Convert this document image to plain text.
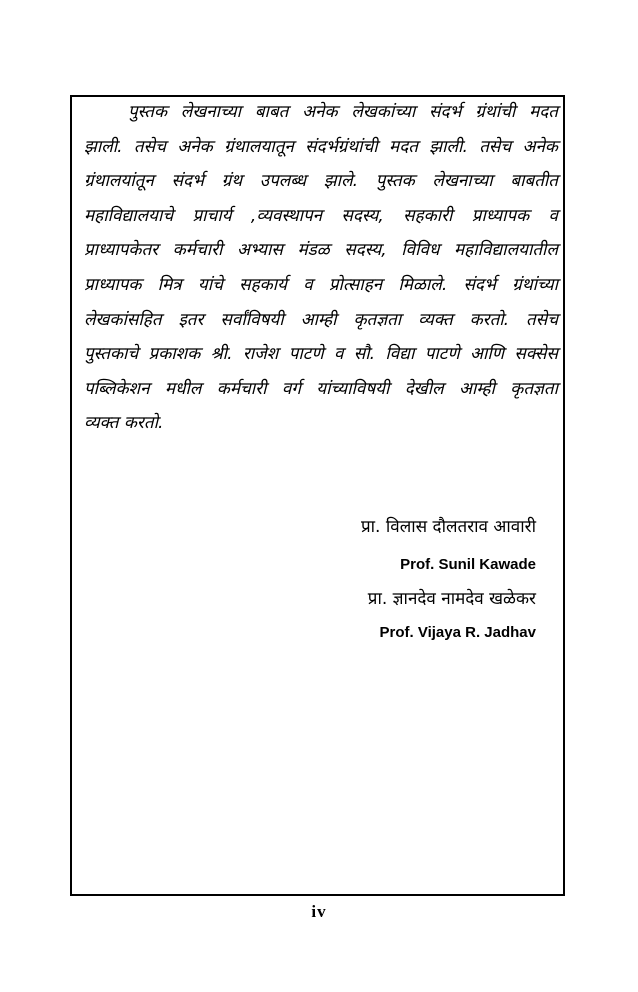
पुस्तक लेखनाच्या बाबत अनेक लेखकांच्या संदर्भ ग्रंथांची मदत
झाली. तसेच अनेक ग्रंथालयातून संदर्भग्रंथांची मदत झाली. तसेच अनेक
ग्रंथालयांतून संदर्भ ग्रंथ उपलब्ध झाले. पुस्तक लेखनाच्या बाबतीत
महाविद्यालयाचे प्राचार्य ,व्यवस्थापन सदस्य, सहकारी प्राध्यापक व
प्राध्यापकेतर कर्मचारी अभ्यास मंडळ सदस्य, विविध महाविद्यालयातील
प्राध्यापक मित्र यांचे सहकार्य व प्रोत्साहन मिळाले. संदर्भ ग्रंथांच्या
लेखकांसहित इतर सर्वांविषयी आम्ही कृतज्ञता व्यक्त करतो. तसेच
पुस्तकाचे प्रकाशक श्री. राजेश पाटणे व सौ. विद्या पाटणे आणि सक्सेस
पब्लिकेशन मधील कर्मचारी वर्ग यांच्याविषयी देखील आम्ही कृतज्ञता
व्यक्त करतो.
प्रा. विलास दौलतराव आवारी
Prof. Sunil Kawade
प्रा. ज्ञानदेव नामदेव खळेकर
Prof. Vijaya R. Jadhav
iv
